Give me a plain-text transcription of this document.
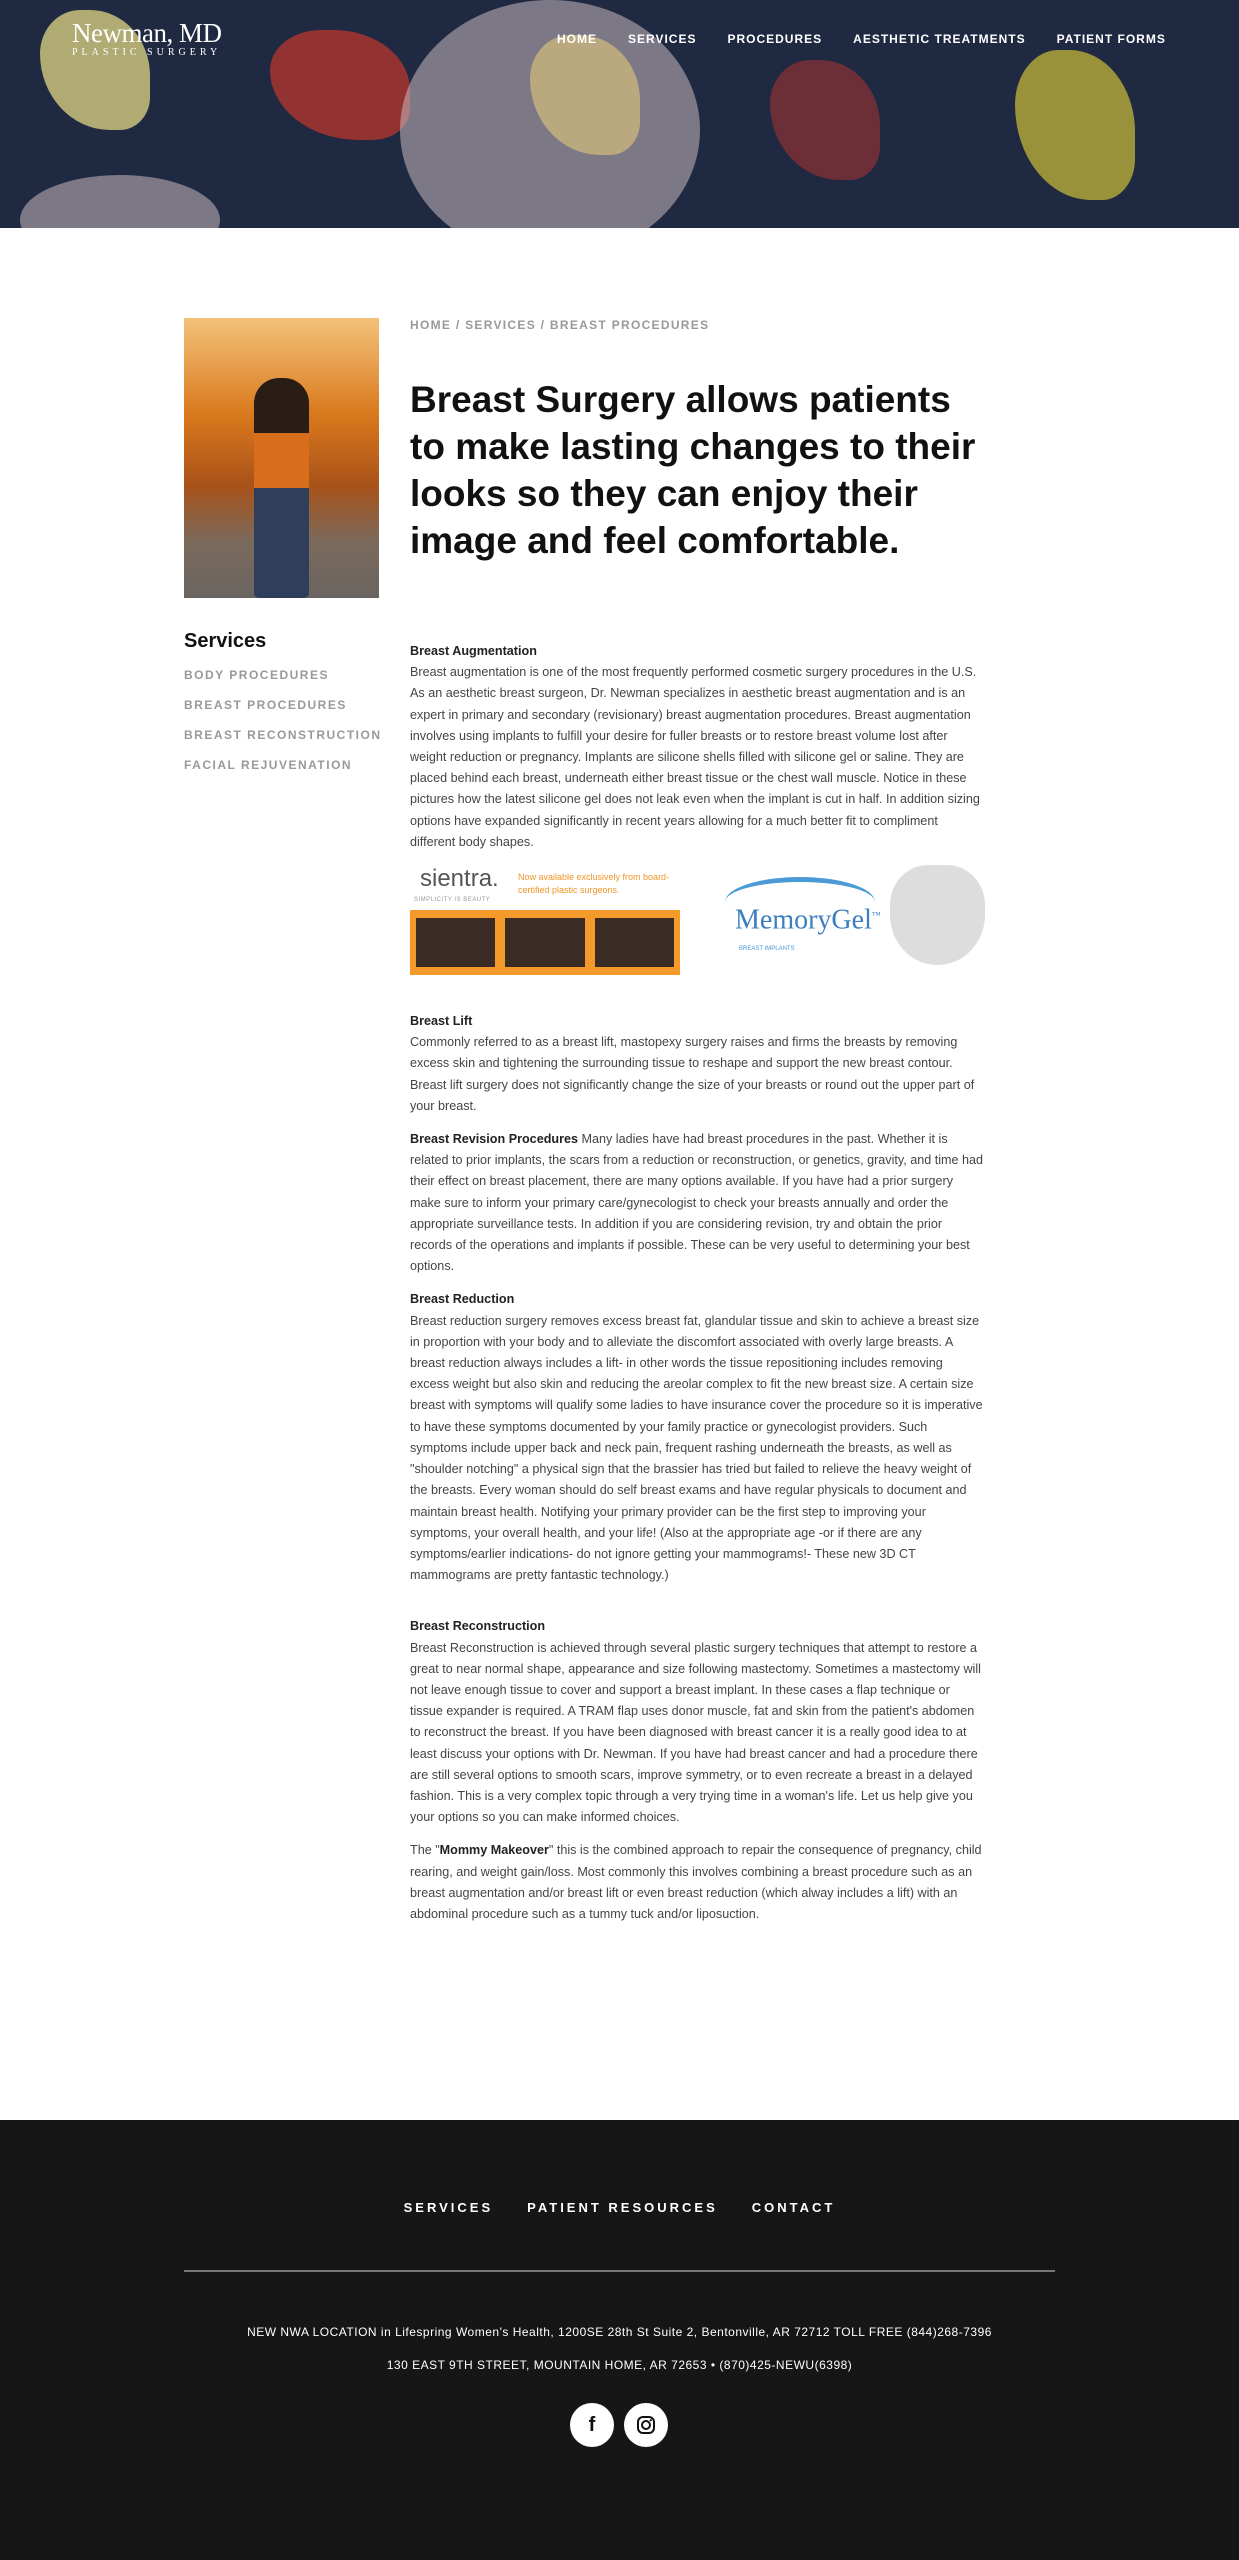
Newman, MD
PLASTIC SURGERY
HOME	SERVICES	PROCEDURES	AESTHETIC TREATMENTS	PATIENT FORMS
Services
BODY PROCEDURES
BREAST PROCEDURES
BREAST RECONSTRUCTION
FACIAL REJUVENATION
HOME / SERVICES / BREAST PROCEDURES
Breast Surgery allows patients to make lasting changes to their looks so they can enjoy their image and feel comfortable.

Breast Augmentation
Breast augmentation is one of the most frequently performed cosmetic surgery procedures in the U.S. As an aesthetic breast surgeon, Dr. Newman specializes in aesthetic breast augmentation and is an expert in primary and secondary (revisionary) breast augmentation procedures. Breast augmentation involves using implants to fulfill your desire for fuller breasts or to restore breast volume lost after weight reduction or pregnancy. Implants are silicone shells filled with silicone gel or saline. They are placed behind each breast, underneath either breast tissue or the chest wall muscle. Notice in these pictures how the latest silicone gel does not leak even when the implant is cut in half. In addition sizing options have expanded significantly in recent years allowing for a much better fit to compliment different body shapes.

sientra.
SIMPLICITY IS BEAUTY
Now available exclusively from board-certified plastic surgeons.
MemoryGel™
BREAST IMPLANTS

Breast Lift
Commonly referred to as a breast lift, mastopexy surgery raises and firms the breasts by removing excess skin and tightening the surrounding tissue to reshape and support the new breast contour. Breast lift surgery does not significantly change the size of your breasts or round out the upper part of your breast.

Breast Revision Procedures Many ladies have had breast procedures in the past. Whether it is related to prior implants, the scars from a reduction or reconstruction, or genetics, gravity, and time had their effect on breast placement, there are many options available. If you have had a prior surgery make sure to inform your primary care/gynecologist to check your breasts annually and order the appropriate surveillance tests. In addition if you are considering revision, try and obtain the prior records of the operations and implants if possible. These can be very useful to determining your best options.

Breast Reduction
Breast reduction surgery removes excess breast fat, glandular tissue and skin to achieve a breast size in proportion with your body and to alleviate the discomfort associated with overly large breasts. A breast reduction always includes a lift- in other words the tissue repositioning includes removing excess weight but also skin and reducing the areolar complex to fit the new breast size. A certain size breast with symptoms will qualify some ladies to have insurance cover the procedure so it is imperative to have these symptoms documented by your family practice or gynecologist providers. Such symptoms include upper back and neck pain, frequent rashing underneath the breasts, as well as "shoulder notching" a physical sign that the brassier has tried but failed to relieve the heavy weight of the breasts. Every woman should do self breast exams and have regular physicals to document and maintain breast health. Notifying your primary provider can be the first step to improving your symptoms, your overall health, and your life! (Also at the appropriate age -or if there are any symptoms/earlier indications- do not ignore getting your mammograms!- These new 3D CT mammograms are pretty fantastic technology.)

Breast Reconstruction
Breast Reconstruction is achieved through several plastic surgery techniques that attempt to restore a great to near normal shape, appearance and size following mastectomy. Sometimes a mastectomy will not leave enough tissue to cover and support a breast implant. In these cases a flap technique or tissue expander is required. A TRAM flap uses donor muscle, fat and skin from the patient's abdomen to reconstruct the breast. If you have been diagnosed with breast cancer it is a really good idea to at least discuss your options with Dr. Newman. If you have had breast cancer and had a procedure there are still several options to smooth scars, improve symmetry, or to even recreate a breast in a delayed fashion. This is a very complex topic through a very trying time in a woman's life. Let us help give you your options so you can make informed choices.

The "Mommy Makeover" this is the combined approach to repair the consequence of pregnancy, child rearing, and weight gain/loss. Most commonly this involves combining a breast procedure such as an breast augmentation and/or breast lift or even breast reduction (which alway includes a lift) with an abdominal procedure such as a tummy tuck and/or liposuction.

SERVICES	PATIENT RESOURCES	CONTACT
NEW NWA LOCATION in Lifespring Women's Health, 1200SE 28th St Suite 2, Bentonville, AR 72712 TOLL FREE (844)268-7396
130 EAST 9TH STREET, MOUNTAIN HOME, AR 72653 • (870)425-NEWU(6398)
f
